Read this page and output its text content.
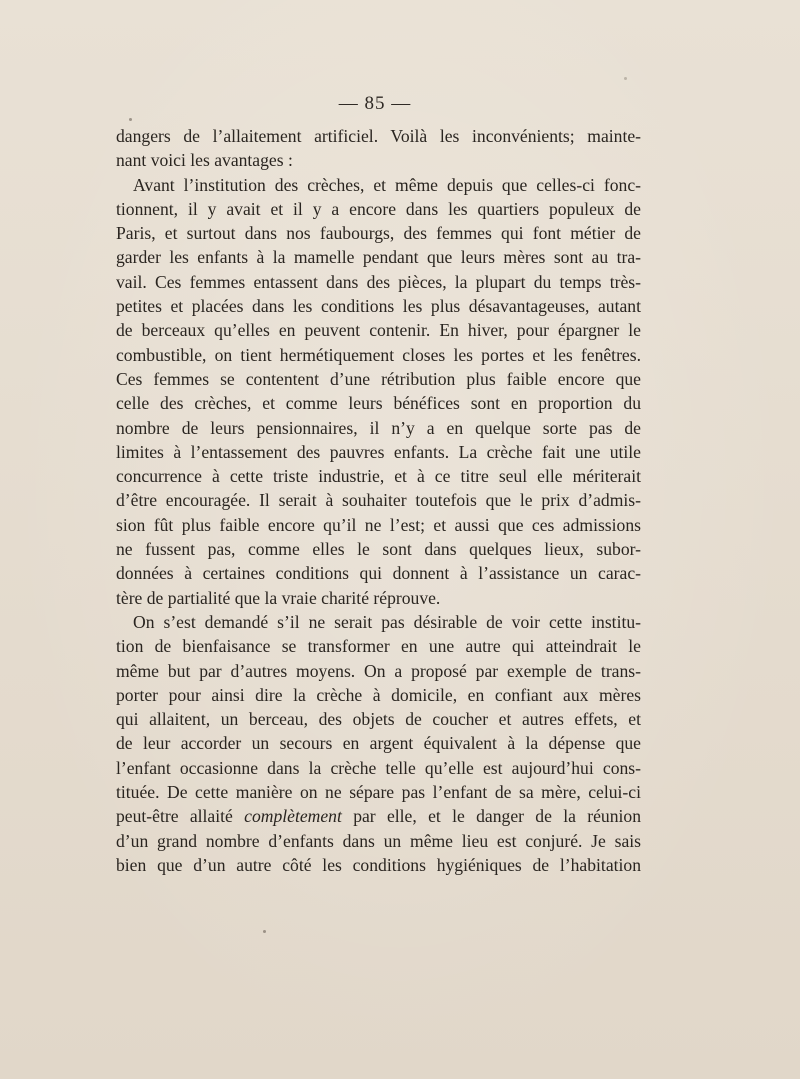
— 85 —
dangers de l’allaitement artificiel. Voilà les inconvénients; mainte-
nant voici les avantages :
Avant l’institution des crèches, et même depuis que celles-ci fonc-
tionnent, il y avait et il y a encore dans les quartiers populeux de
Paris, et surtout dans nos faubourgs, des femmes qui font métier de
garder les enfants à la mamelle pendant que leurs mères sont au tra-
vail. Ces femmes entassent dans des pièces, la plupart du temps très-
petites et placées dans les conditions les plus désavantageuses, autant
de berceaux qu’elles en peuvent contenir. En hiver, pour épargner le
combustible, on tient hermétiquement closes les portes et les fenêtres.
Ces femmes se contentent d’une rétribution plus faible encore que
celle des crèches, et comme leurs bénéfices sont en proportion du
nombre de leurs pensionnaires, il n’y a en quelque sorte pas de
limites à l’entassement des pauvres enfants. La crèche fait une utile
concurrence à cette triste industrie, et à ce titre seul elle mériterait
d’être encouragée. Il serait à souhaiter toutefois que le prix d’admis-
sion fût plus faible encore qu’il ne l’est; et aussi que ces admissions
ne fussent pas, comme elles le sont dans quelques lieux, subor-
données à certaines conditions qui donnent à l’assistance un carac-
tère de partialité que la vraie charité réprouve.
On s’est demandé s’il ne serait pas désirable de voir cette institu-
tion de bienfaisance se transformer en une autre qui atteindrait le
même but par d’autres moyens. On a proposé par exemple de trans-
porter pour ainsi dire la crèche à domicile, en confiant aux mères
qui allaitent, un berceau, des objets de coucher et autres effets, et
de leur accorder un secours en argent équivalent à la dépense que
l’enfant occasionne dans la crèche telle qu’elle est aujourd’hui cons-
tituée. De cette manière on ne sépare pas l’enfant de sa mère, celui-ci
peut-être allaité complètement par elle, et le danger de la réunion
d’un grand nombre d’enfants dans un même lieu est conjuré. Je sais
bien que d’un autre côté les conditions hygiéniques de l’habitation
